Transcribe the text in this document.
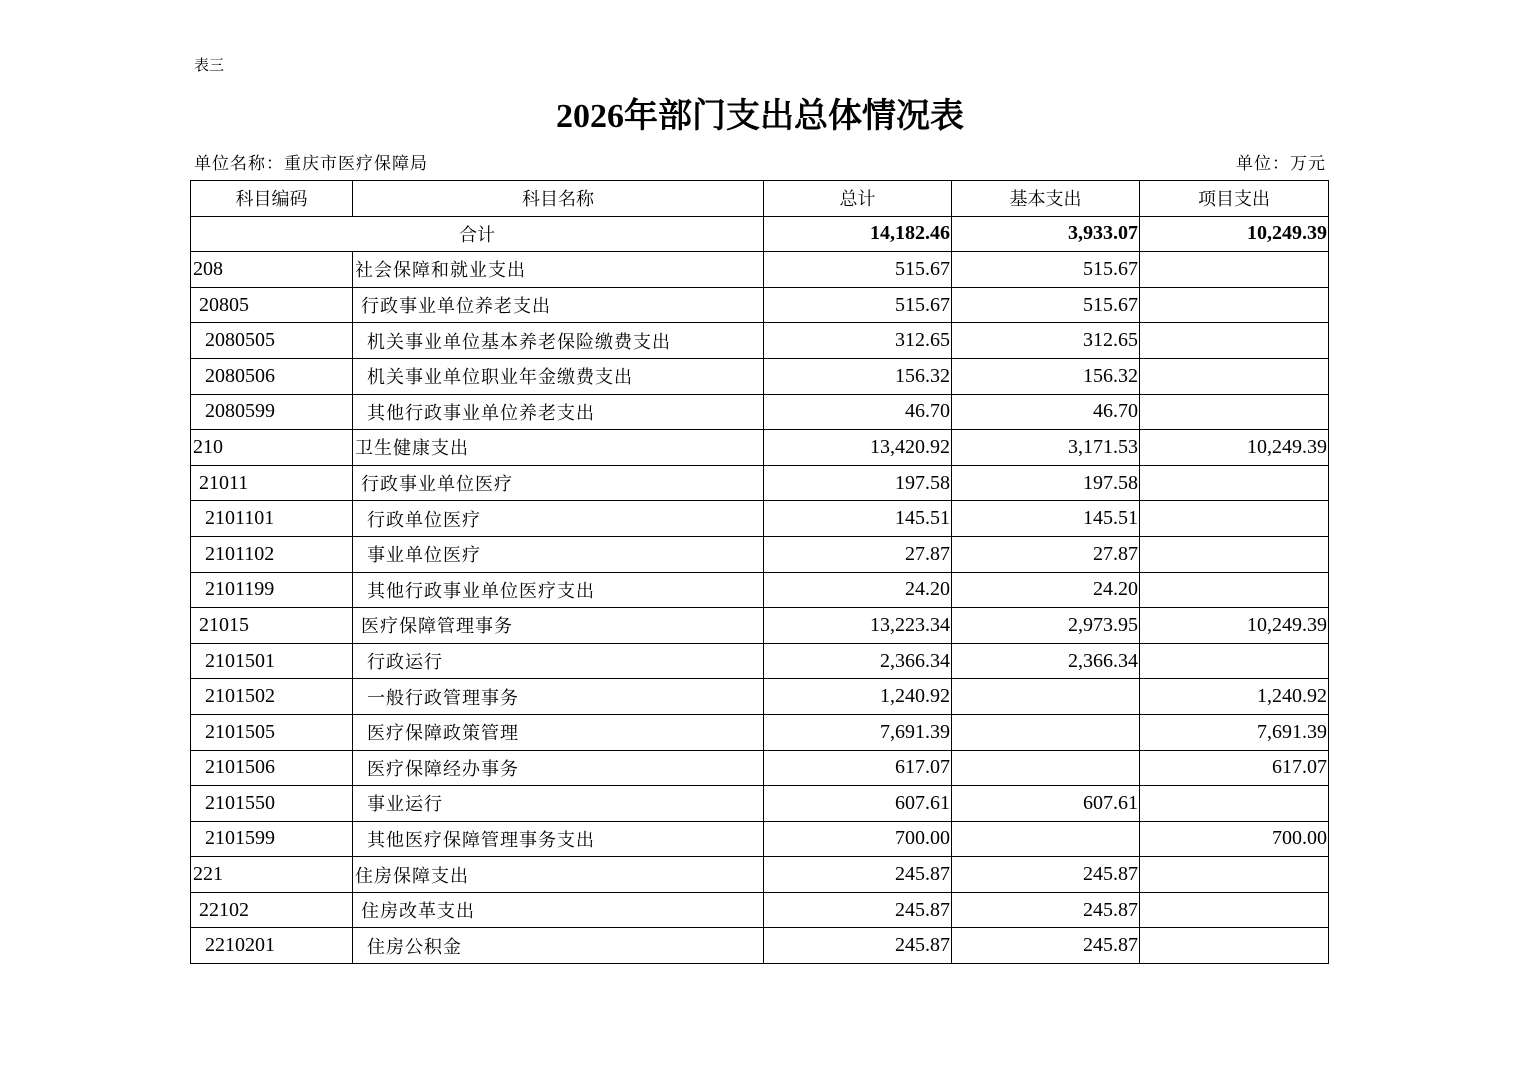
表三
2026年部门支出总体情况表
单位名称：重庆市医疗保障局	单位：万元
科目编码	科目名称	总计	基本支出	项目支出
合计		14,182.46	3,933.07	10,249.39
208	社会保障和就业支出	515.67	515.67	
20805	行政事业单位养老支出	515.67	515.67	
2080505	机关事业单位基本养老保险缴费支出	312.65	312.65	
2080506	机关事业单位职业年金缴费支出	156.32	156.32	
2080599	其他行政事业单位养老支出	46.70	46.70	
210	卫生健康支出	13,420.92	3,171.53	10,249.39
21011	行政事业单位医疗	197.58	197.58	
2101101	行政单位医疗	145.51	145.51	
2101102	事业单位医疗	27.87	27.87	
2101199	其他行政事业单位医疗支出	24.20	24.20	
21015	医疗保障管理事务	13,223.34	2,973.95	10,249.39
2101501	行政运行	2,366.34	2,366.34	
2101502	一般行政管理事务	1,240.92		1,240.92
2101505	医疗保障政策管理	7,691.39		7,691.39
2101506	医疗保障经办事务	617.07		617.07
2101550	事业运行	607.61	607.61	
2101599	其他医疗保障管理事务支出	700.00		700.00
221	住房保障支出	245.87	245.87	
22102	住房改革支出	245.87	245.87	
2210201	住房公积金	245.87	245.87	
